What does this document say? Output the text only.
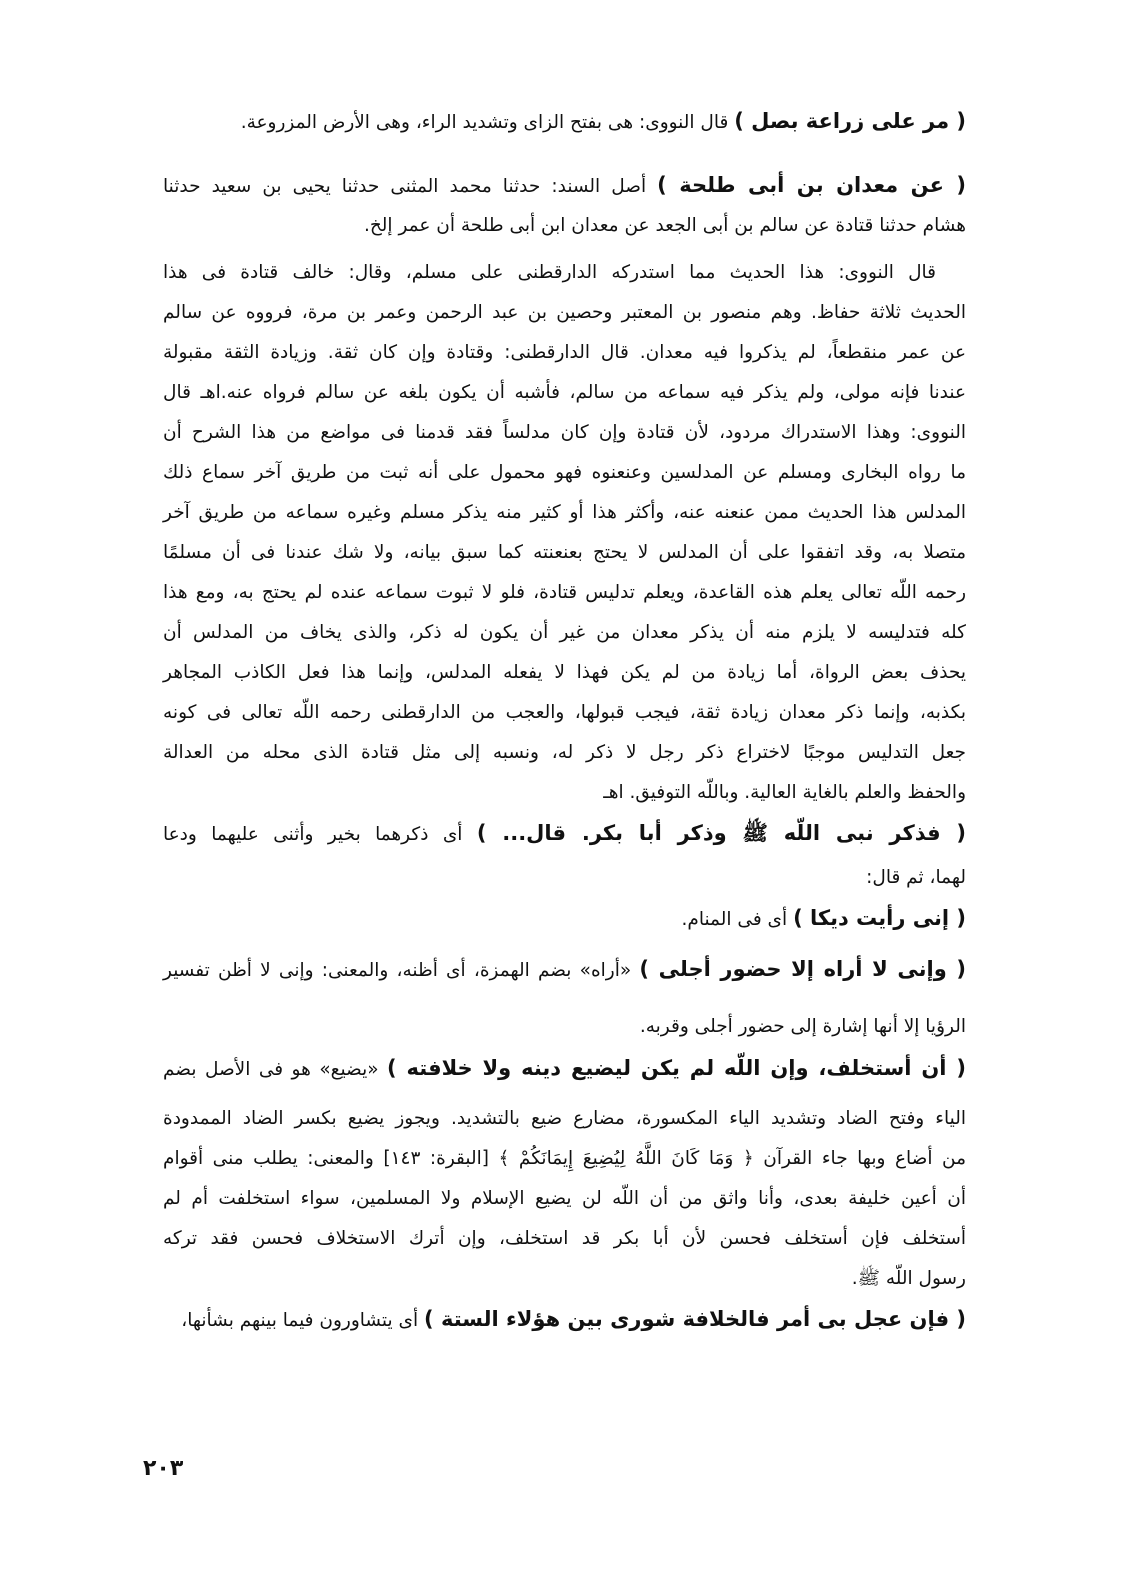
( مر على زراعة بصل ) قال النووى: هى بفتح الزاى وتشديد الراء، وهى الأرض المزروعة.
( عن معدان بن أبى طلحة ) أصل السند: حدثنا محمد المثنى حدثنا يحيى بن سعيد حدثنا
هشام حدثنا قتادة عن سالم بن أبى الجعد عن معدان ابن أبى طلحة أن عمر إلخ.
قال النووى: هذا الحديث مما استدركه الدارقطنى على مسلم، وقال: خالف قتادة فى هذا
الحديث ثلاثة حفاظ. وهم منصور بن المعتبر وحصين بن عبد الرحمن وعمر بن مرة، فرووه عن سالم
عن عمر منقطعاً، لم يذكروا فيه معدان. قال الدارقطنى: وقتادة وإن كان ثقة. وزيادة الثقة مقبولة
عندنا فإنه مولى، ولم يذكر فيه سماعه من سالم، فأشبه أن يكون بلغه عن سالم فرواه عنه.اهـ قال
النووى: وهذا الاستدراك مردود، لأن قتادة وإن كان مدلساً فقد قدمنا فى مواضع من هذا الشرح أن
ما رواه البخارى ومسلم عن المدلسين وعنعنوه فهو محمول على أنه ثبت من طريق آخر سماع ذلك
المدلس هذا الحديث ممن عنعنه عنه، وأكثر هذا أو كثير منه يذكر مسلم وغيره سماعه من طريق آخر
متصلا به، وقد اتفقوا على أن المدلس لا يحتج بعنعنته كما سبق بيانه، ولا شك عندنا فى أن مسلمًا
رحمه اللّه تعالى يعلم هذه القاعدة، ويعلم تدليس قتادة، فلو لا ثبوت سماعه عنده لم يحتج به، ومع هذا
كله فتدليسه لا يلزم منه أن يذكر معدان من غير أن يكون له ذكر، والذى يخاف من المدلس أن
يحذف بعض الرواة، أما زيادة من لم يكن فهذا لا يفعله المدلس، وإنما هذا فعل الكاذب المجاهر
بكذبه، وإنما ذكر معدان زيادة ثقة، فيجب قبولها، والعجب من الدارقطنى رحمه اللّه تعالى فى كونه
جعل التدليس موجبًا لاختراع ذكر رجل لا ذكر له، ونسبه إلى مثل قتادة الذى محله من العدالة
والحفظ والعلم بالغاية العالية. وباللّه التوفيق. اهـ
( فذكر نبى اللّه ﷺ وذكر أبا بكر. قال... ) أى ذكرهما بخير وأثنى عليهما ودعا
لهما، ثم قال:
( إنى رأيت ديكا ) أى فى المنام.
( وإنى لا أراه إلا حضور أجلى ) «أراه» بضم الهمزة، أى أظنه، والمعنى: وإنى لا أظن تفسير
الرؤيا إلا أنها إشارة إلى حضور أجلى وقربه.
( أن أستخلف، وإن اللّه لم يكن ليضيع دينه ولا خلافته ) «يضيع» هو فى الأصل بضم
الياء وفتح الضاد وتشديد الياء المكسورة، مضارع ضيع بالتشديد. ويجوز يضيع بكسر الضاد الممدودة
من أضاع وبها جاء القرآن ﴿ وَمَا كَانَ اللَّهُ لِيُضِيعَ إِيمَانَكُمْ ﴾ [البقرة: ١٤٣] والمعنى: يطلب منى أقوام
أن أعين خليفة بعدى، وأنا واثق من أن اللّه لن يضيع الإسلام ولا المسلمين، سواء استخلفت أم لم
أستخلف فإن أستخلف فحسن لأن أبا بكر قد استخلف، وإن أترك الاستخلاف فحسن فقد تركه
رسول اللّه ﷺ.
( فإن عجل بى أمر فالخلافة شورى بين هؤلاء الستة ) أى يتشاورون فيما بينهم بشأنها،
٢٠٣
